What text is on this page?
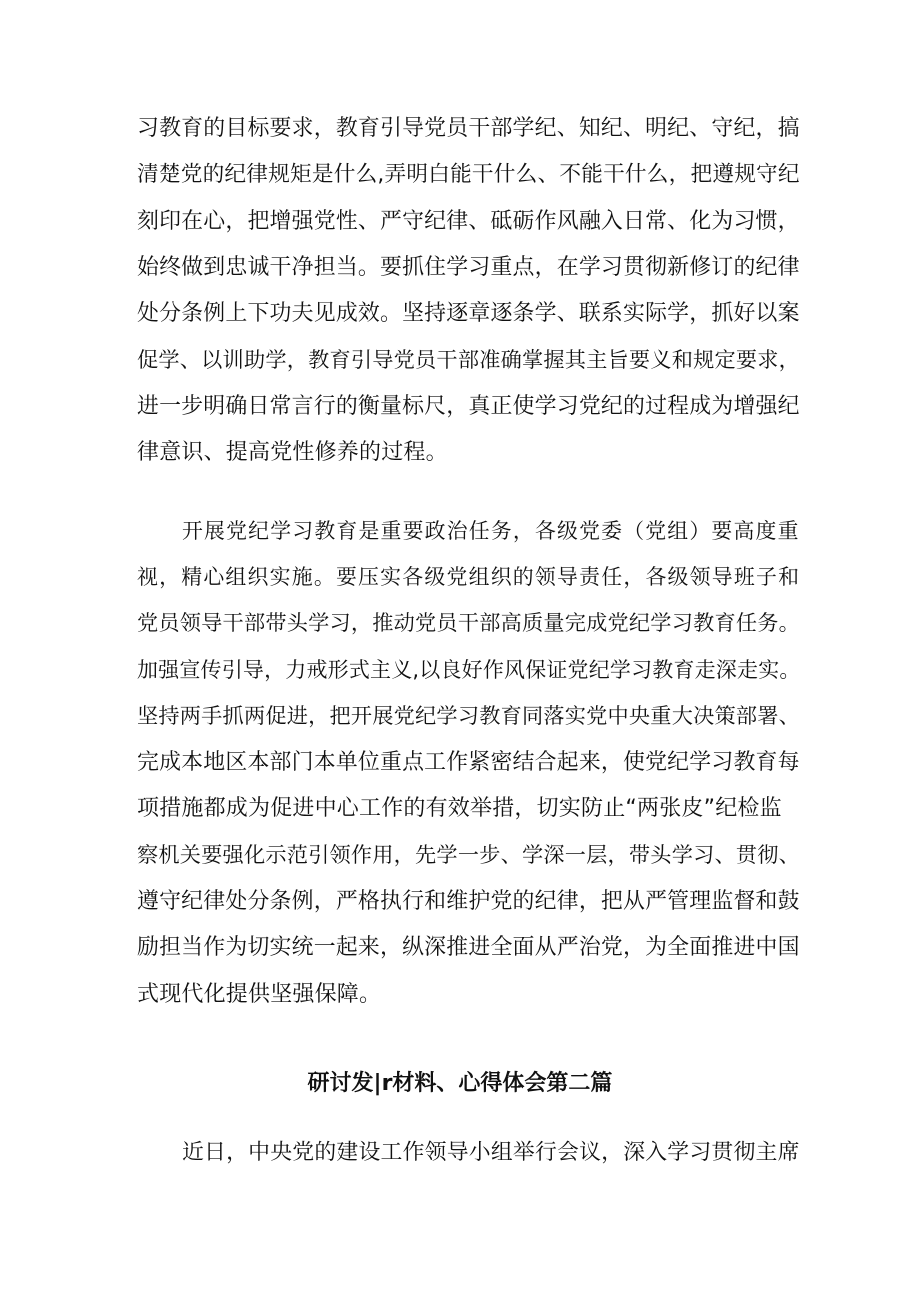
习教育的目标要求，教育引导党员干部学纪、知纪、明纪、守纪，搞
清楚党的纪律规矩是什么,弄明白能干什么、不能干什么，把遵规守纪
刻印在心，把增强党性、严守纪律、砥砺作风融入日常、化为习惯，
始终做到忠诚干净担当。要抓住学习重点，在学习贯彻新修订的纪律
处分条例上下功夫见成效。坚持逐章逐条学、联系实际学，抓好以案
促学、以训助学，教育引导党员干部准确掌握其主旨要义和规定要求，
进一步明确日常言行的衡量标尺，真正使学习党纪的过程成为增强纪
律意识、提高党性修养的过程。
开展党纪学习教育是重要政治任务，各级党委（党组）要高度重
视，精心组织实施。要压实各级党组织的领导责任，各级领导班子和
党员领导干部带头学习，推动党员干部高质量完成党纪学习教育任务。
加强宣传引导，力戒形式主义,以良好作风保证党纪学习教育走深走实。
坚持两手抓两促进，把开展党纪学习教育同落实党中央重大决策部署、
完成本地区本部门本单位重点工作紧密结合起来，使党纪学习教育每
项措施都成为促进中心工作的有效举措，切实防止“两张皮”纪检监
察机关要强化示范引领作用，先学一步、学深一层，带头学习、贯彻、
遵守纪律处分条例，严格执行和维护党的纪律，把从严管理监督和鼓
励担当作为切实统一起来，纵深推进全面从严治党，为全面推进中国
式现代化提供坚强保障。
研讨发|r材料、心得体会第二篇
近日，中央党的建设工作领导小组举行会议，深入学习贯彻主席
